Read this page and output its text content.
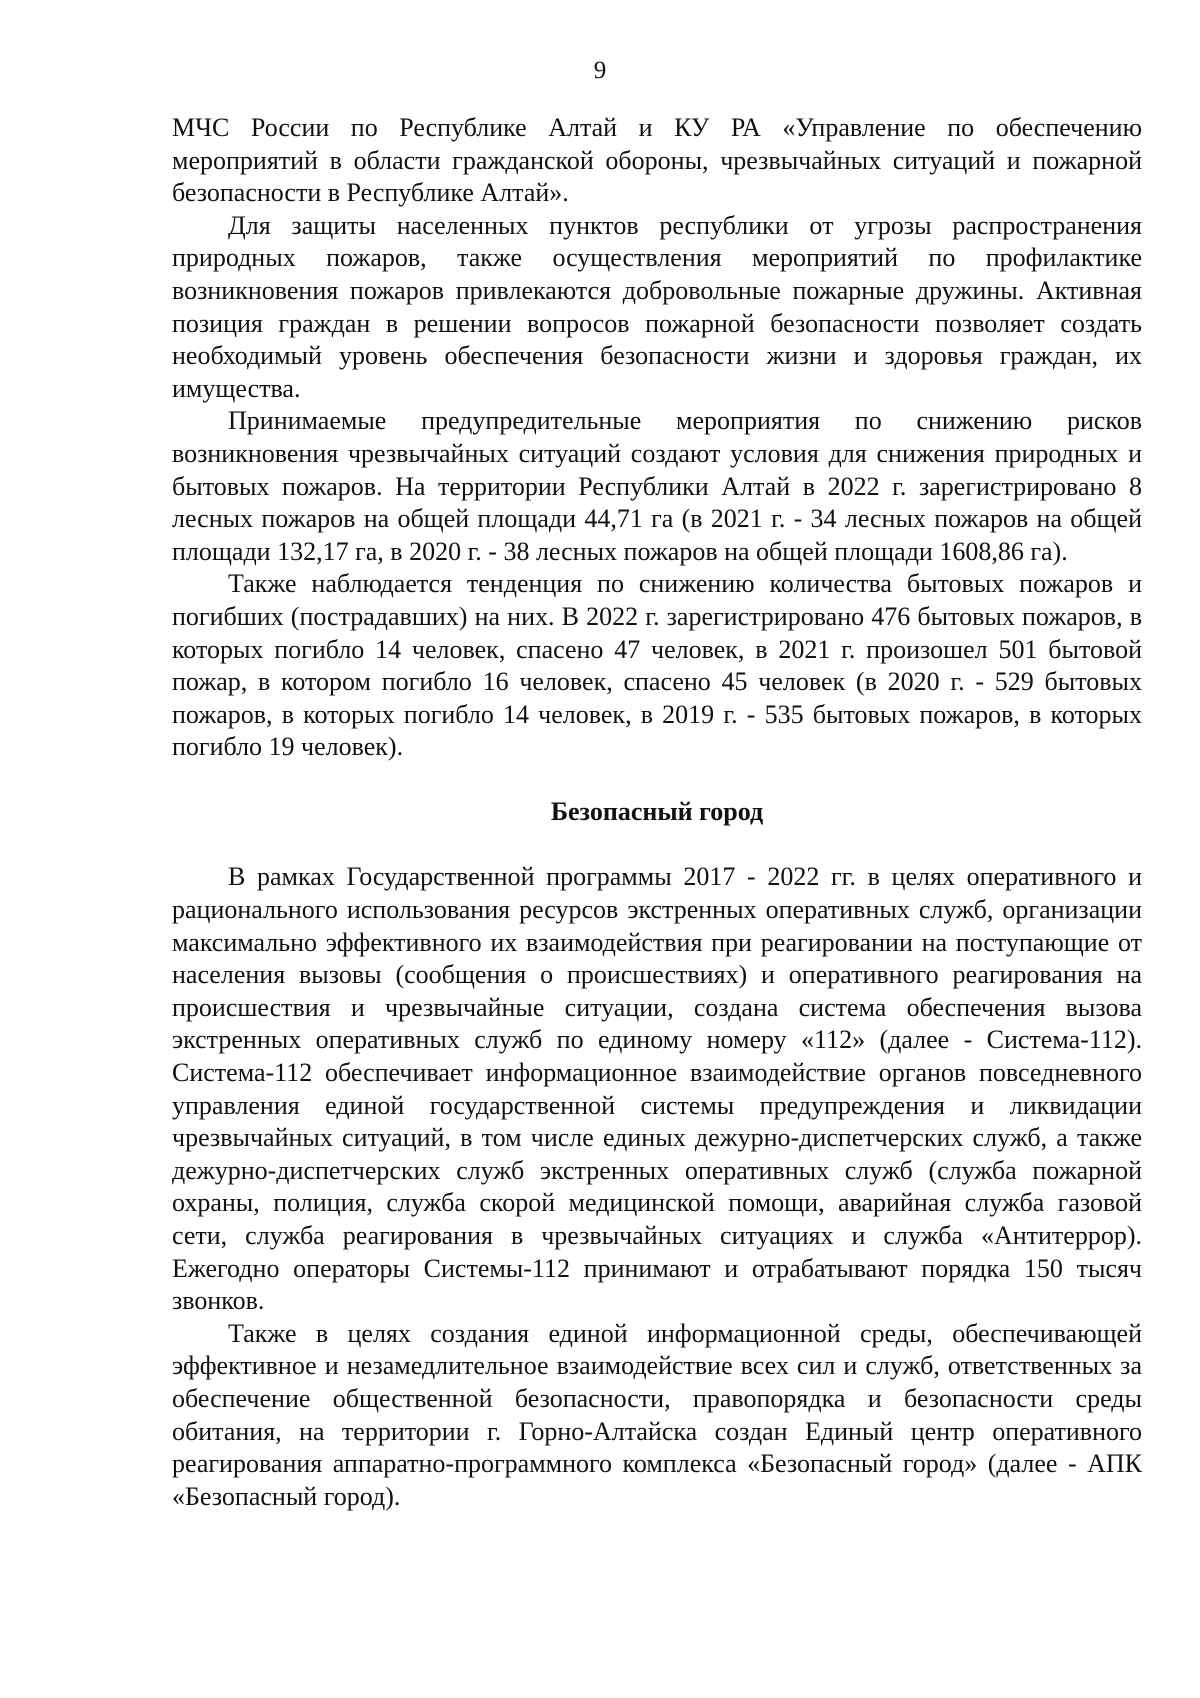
9

МЧС России по Республике Алтай и КУ РА «Управление по обеспечению мероприятий в области гражданской обороны, чрезвычайных ситуаций и пожарной безопасности в Республике Алтай».

Для защиты населенных пунктов республики от угрозы распространения природных пожаров, также осуществления мероприятий по профилактике возникновения пожаров привлекаются добровольные пожарные дружины. Активная позиция граждан в решении вопросов пожарной безопасности позволяет создать необходимый уровень обеспечения безопасности жизни и здоровья граждан, их имущества.

Принимаемые предупредительные мероприятия по снижению рисков возникновения чрезвычайных ситуаций создают условия для снижения природных и бытовых пожаров. На территории Республики Алтай в 2022 г. зарегистрировано 8 лесных пожаров на общей площади 44,71 га (в 2021 г. - 34 лесных пожаров на общей площади 132,17 га, в 2020 г. - 38 лесных пожаров на общей площади 1608,86 га).

Также наблюдается тенденция по снижению количества бытовых пожаров и погибших (пострадавших) на них. В 2022 г. зарегистрировано 476 бытовых пожаров, в которых погибло 14 человек, спасено 47 человек, в 2021 г. произошел 501 бытовой пожар, в котором погибло 16 человек, спасено 45 человек (в 2020 г. - 529 бытовых пожаров, в которых погибло 14 человек, в 2019 г. - 535 бытовых пожаров, в которых погибло 19 человек).

Безопасный город

В рамках Государственной программы 2017 - 2022 гг. в целях оперативного и рационального использования ресурсов экстренных оперативных служб, организации максимально эффективного их взаимодействия при реагировании на поступающие от населения вызовы (сообщения о происшествиях) и оперативного реагирования на происшествия и чрезвычайные ситуации, создана система обеспечения вызова экстренных оперативных служб по единому номеру «112» (далее - Система-112). Система-112 обеспечивает информационное взаимодействие органов повседневного управления единой государственной системы предупреждения и ликвидации чрезвычайных ситуаций, в том числе единых дежурно-диспетчерских служб, а также дежурно-диспетчерских служб экстренных оперативных служб (служба пожарной охраны, полиция, служба скорой медицинской помощи, аварийная служба газовой сети, служба реагирования в чрезвычайных ситуациях и служба «Антитеррор). Ежегодно операторы Системы-112 принимают и отрабатывают порядка 150 тысяч звонков.

Также в целях создания единой информационной среды, обеспечивающей эффективное и незамедлительное взаимодействие всех сил и служб, ответственных за обеспечение общественной безопасности, правопорядка и безопасности среды обитания, на территории г. Горно-Алтайска создан Единый центр оперативного реагирования аппаратно-программного комплекса «Безопасный город» (далее - АПК «Безопасный город).
